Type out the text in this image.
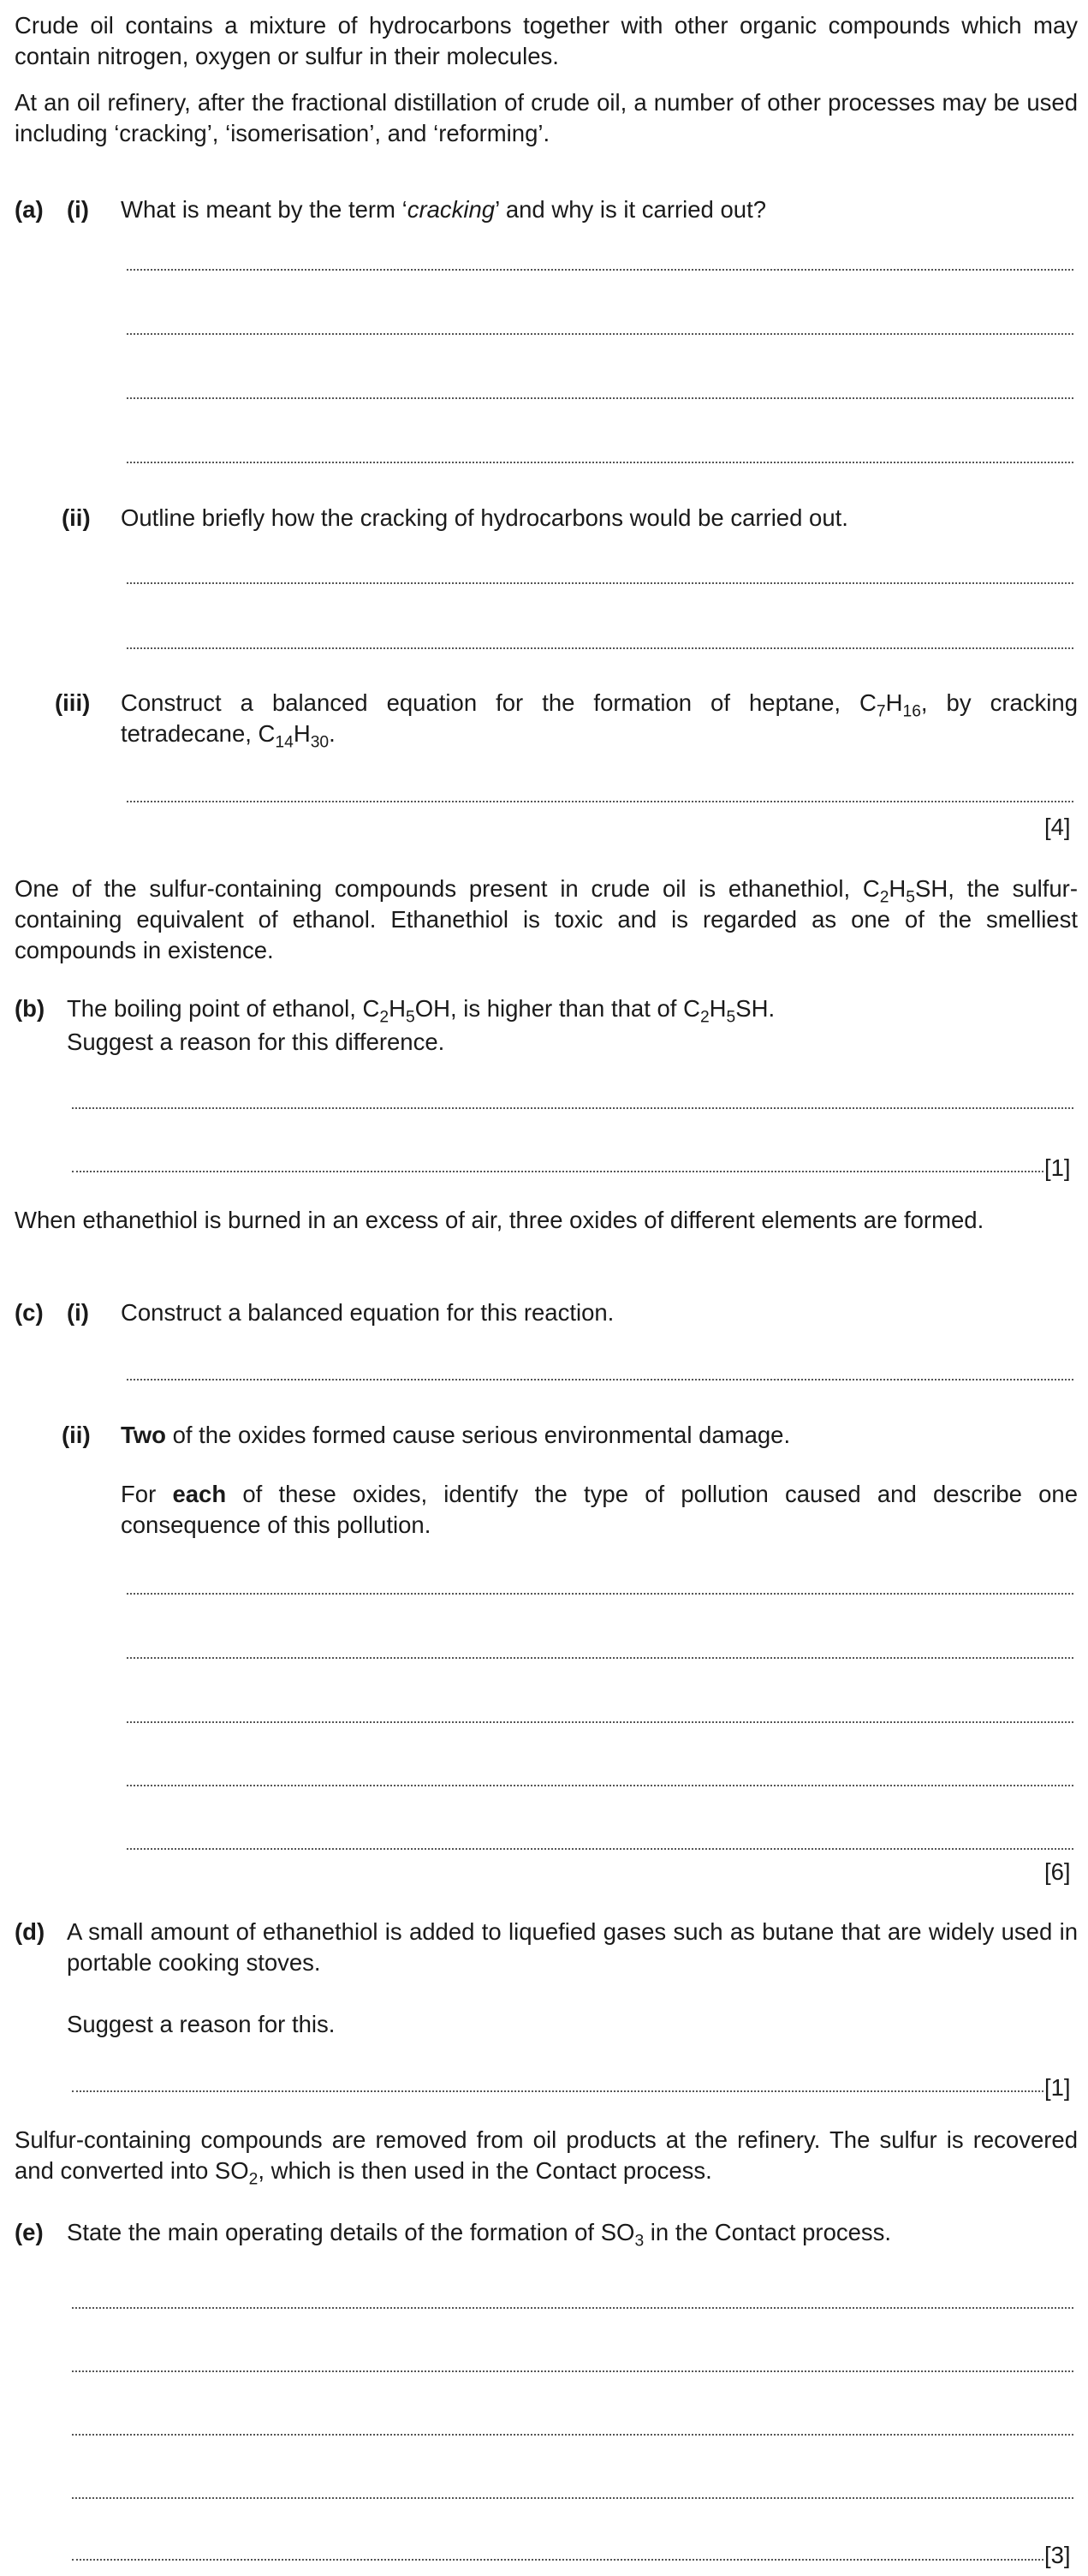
Crude oil contains a mixture of hydrocarbons together with other organic compounds which may contain nitrogen, oxygen or sulfur in their molecules.
At an oil refinery, after the fractional distillation of crude oil, a number of other processes may be used including ‘cracking’, ‘isomerisation’, and ‘reforming’.
(a) (i) What is meant by the term ‘cracking’ and why is it carried out?
(ii) Outline briefly how the cracking of hydrocarbons would be carried out.
(iii) Construct a balanced equation for the formation of heptane, $C_7H_{16}$, by cracking tetradecane, $C_{14}H_{30}$.
[4]
One of the sulfur-containing compounds present in crude oil is ethanethiol, $C_2H_5SH$, the sulfur-containing equivalent of ethanol. Ethanethiol is toxic and is regarded as one of the smelliest compounds in existence.
(b) The boiling point of ethanol, $C_2H_5OH$, is higher than that of $C_2H_5SH$.
Suggest a reason for this difference.
[1]
When ethanethiol is burned in an excess of air, three oxides of different elements are formed.
(c) (i) Construct a balanced equation for this reaction.
(ii) Two of the oxides formed cause serious environmental damage.
For each of these oxides, identify the type of pollution caused and describe one consequence of this pollution.
[6]
(d) A small amount of ethanethiol is added to liquefied gases such as butane that are widely used in portable cooking stoves.
Suggest a reason for this.
[1]
Sulfur-containing compounds are removed from oil products at the refinery. The sulfur is recovered and converted into $SO_2$, which is then used in the Contact process.
(e) State the main operating details of the formation of $SO_3$ in the Contact process.
[3]
